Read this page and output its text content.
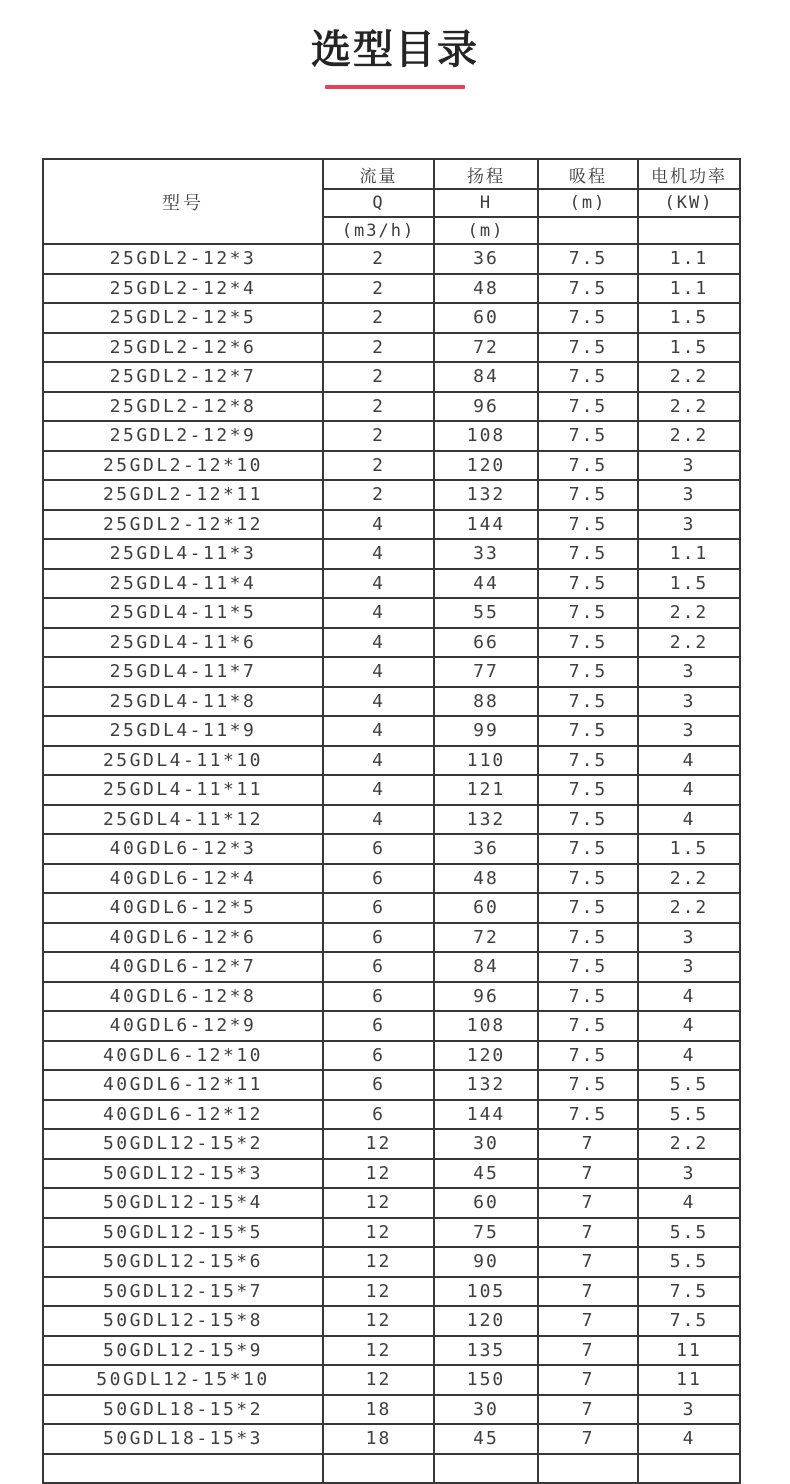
选型目录
型号	流量	扬程	吸程	电机功率
	Q	H	(m)	(KW)
	(m3/h)	(m)		
25GDL2-12*3	2	36	7.5	1.1
25GDL2-12*4	2	48	7.5	1.1
25GDL2-12*5	2	60	7.5	1.5
25GDL2-12*6	2	72	7.5	1.5
25GDL2-12*7	2	84	7.5	2.2
25GDL2-12*8	2	96	7.5	2.2
25GDL2-12*9	2	108	7.5	2.2
25GDL2-12*10	2	120	7.5	3
25GDL2-12*11	2	132	7.5	3
25GDL2-12*12	4	144	7.5	3
25GDL4-11*3	4	33	7.5	1.1
25GDL4-11*4	4	44	7.5	1.5
25GDL4-11*5	4	55	7.5	2.2
25GDL4-11*6	4	66	7.5	2.2
25GDL4-11*7	4	77	7.5	3
25GDL4-11*8	4	88	7.5	3
25GDL4-11*9	4	99	7.5	3
25GDL4-11*10	4	110	7.5	4
25GDL4-11*11	4	121	7.5	4
25GDL4-11*12	4	132	7.5	4
40GDL6-12*3	6	36	7.5	1.5
40GDL6-12*4	6	48	7.5	2.2
40GDL6-12*5	6	60	7.5	2.2
40GDL6-12*6	6	72	7.5	3
40GDL6-12*7	6	84	7.5	3
40GDL6-12*8	6	96	7.5	4
40GDL6-12*9	6	108	7.5	4
40GDL6-12*10	6	120	7.5	4
40GDL6-12*11	6	132	7.5	5.5
40GDL6-12*12	6	144	7.5	5.5
50GDL12-15*2	12	30	7	2.2
50GDL12-15*3	12	45	7	3
50GDL12-15*4	12	60	7	4
50GDL12-15*5	12	75	7	5.5
50GDL12-15*6	12	90	7	5.5
50GDL12-15*7	12	105	7	7.5
50GDL12-15*8	12	120	7	7.5
50GDL12-15*9	12	135	7	11
50GDL12-15*10	12	150	7	11
50GDL18-15*2	18	30	7	3
50GDL18-15*3	18	45	7	4
